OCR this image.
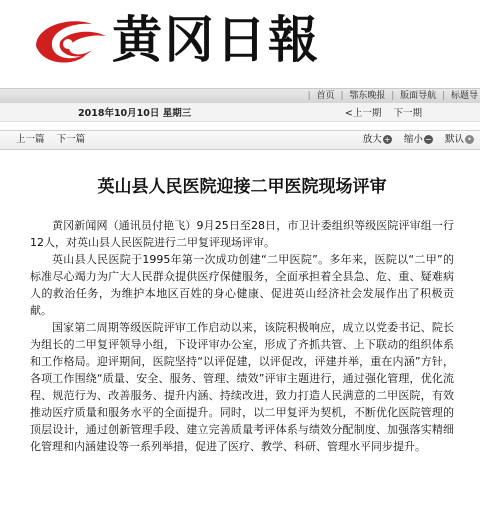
黄冈日報
| 首页 | 鄂东晚报 | 版面导航 | 标题导
2018年10月10日 星期三	<上一期 下一期
上一篇 下一篇	放大 + 缩小 − 默认 •
英山县人民医院迎接二甲医院现场评审

黄冈新闻网（通讯员付艳飞）9月25日至28日，市卫计委组织等级医院评审组一行12人，对英山县人民医院进行二甲复评现场评审。

英山县人民医院于1995年第一次成功创建“二甲医院”。多年来，医院以“二甲”的标准尽心竭力为广大人民群众提供医疗保健服务，全面承担着全县急、危、重、疑难病人的救治任务，为维护本地区百姓的身心健康、促进英山经济社会发展作出了积极贡献。

国家第二周期等级医院评审工作启动以来，该院积极响应，成立以党委书记、院长为组长的二甲复评领导小组，下设评审办公室，形成了齐抓共管、上下联动的组织体系和工作格局。迎评期间，医院坚持“以评促建，以评促改，评建并举，重在内涵”方针，各项工作围绕“质量、安全、服务、管理、绩效”评审主题进行，通过强化管理，优化流程、规范行为、改善服务、提升内涵、持续改进，致力打造人民满意的二甲医院，有效推动医疗质量和服务水平的全面提升。同时，以二甲复评为契机，不断优化医院管理的顶层设计，通过创新管理手段、建立完善质量考评体系与绩效分配制度、加强落实精细化管理和内涵建设等一系列举措，促进了医疗、教学、科研、管理水平同步提升。
